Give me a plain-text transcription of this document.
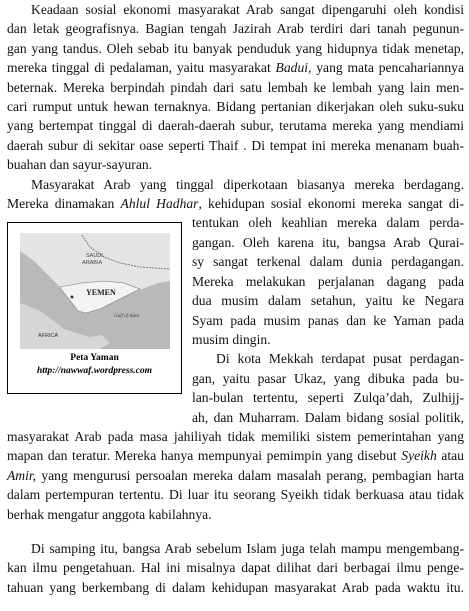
Keadaan sosial ekonomi masyarakat Arab sangat dipengaruhi oleh kondisi
dan letak geografisnya. Bagian tengah Jazirah Arab terdiri dari tanah pegunun-
gan yang tandus. Oleh sebab itu banyak penduduk yang hidupnya tidak menetap,
mereka tinggal di pedalaman, yaitu masyarakat Badui, yang mata pencahariannya
beternak. Mereka berpindah pindah dari satu lembah ke lembah yang lain men-
cari rumput untuk hewan ternaknya. Bidang pertanian dikerjakan oleh suku-suku
yang bertempat tinggal di daerah-daerah subur, terutama mereka yang mendiami
daerah subur di sekitar oase seperti Thaif . Di tempat ini mereka menanam buah-
buahan dan sayur-sayuran.
Masyarakat Arab yang tinggal diperkotaan biasanya mereka berdagang.
Mereka dinamakan Ahlul Hadhar, kehidupan sosial ekonomi mereka sangat di-
tentukan oleh keahlian mereka dalam perda-
gangan. Oleh karena itu, bangsa Arab Qurai-
sy sangat terkenal dalam dunia perdagangan.
Mereka melakukan perjalanan dagang pada
dua musim dalam setahun, yaitu ke Negara
Syam pada musim panas dan ke Yaman pada
musim dingin.
Di kota Mekkah terdapat pusat perdagan-
gan, yaitu pasar Ukaz, yang dibuka pada bu-
lan-bulan tertentu, seperti Zulqa’dah, Zulhijj-
ah, dan Muharram. Dalam bidang sosial politik,
masyarakat Arab pada masa jahiliyah tidak memiliki sistem pemerintahan yang
mapan dan teratur. Mereka hanya mempunyai pemimpin yang disebut Syeikh atau
Amir, yang mengurusi persoalan mereka dalam masalah perang, pembagian harta
dalam pertempuran tertentu. Di luar itu seorang Syeikh tidak berkuasa atau tidak
berhak mengatur anggota kabilahnya.
Di samping itu, bangsa Arab sebelum Islam juga telah mampu mengembang-
kan ilmu pengetahuan. Hal ini misalnya dapat dilihat dari berbagai ilmu penge-
tahuan yang berkembang di dalam kehidupan masyarakat Arab pada waktu itu.
SAUDI
ARABIA
YEMEN
Gulf of Aden
AFRICA
Peta Yaman
http://nawwaf.wordpress.com
